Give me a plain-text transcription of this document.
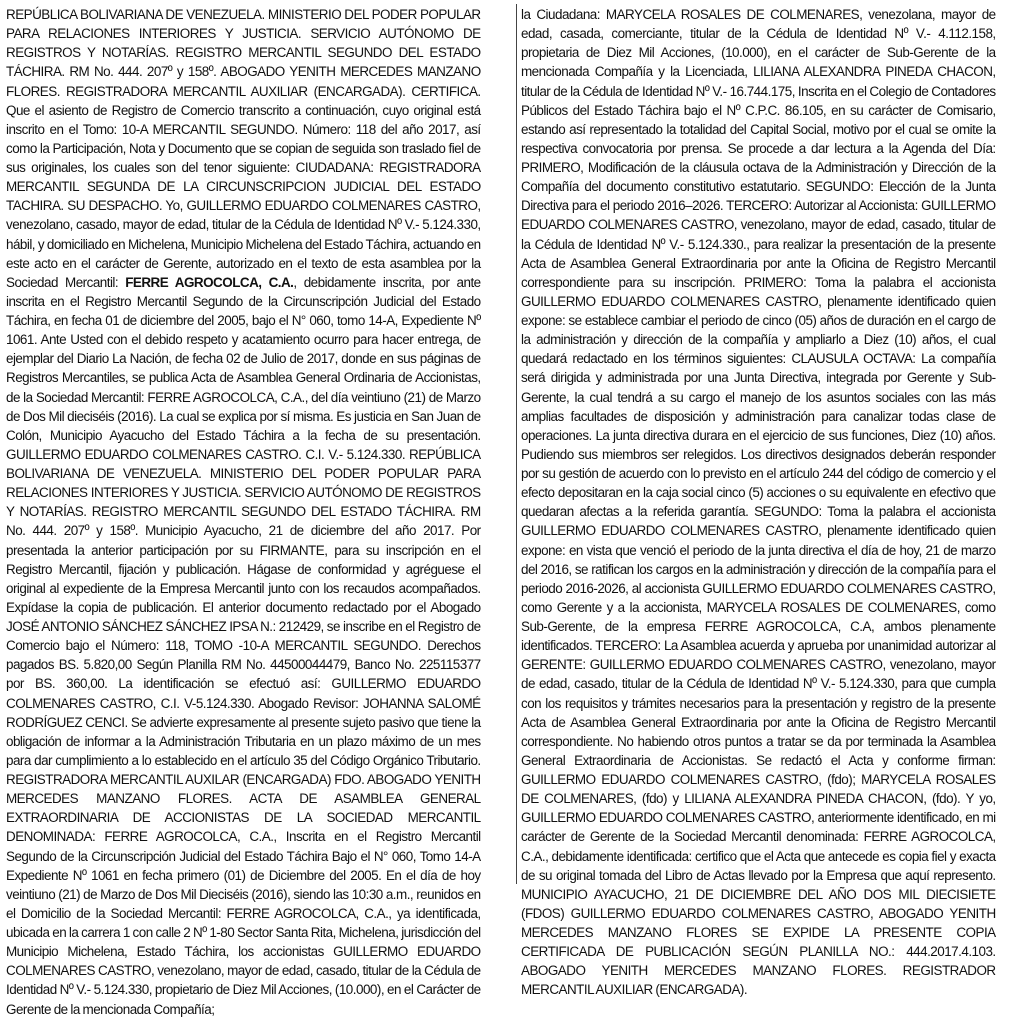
REPÚBLICA BOLIVARIANA DE VENEZUELA. MINISTERIO DEL PODER POPULAR PARA RELACIONES INTERIORES Y JUSTICIA. SERVICIO AUTÓNOMO DE REGISTROS Y NOTARÍAS. REGISTRO MERCANTIL SEGUNDO DEL ESTADO TÁCHIRA. RM No. 444. 207º y 158º. ABOGADO YENITH MERCEDES MANZANO FLORES. REGISTRADORA MERCANTIL AUXILIAR (ENCARGADA). CERTIFICA. Que el asiento de Registro de Comercio transcrito a continuación, cuyo original está inscrito en el Tomo: 10-A MERCANTIL SEGUNDO. Número: 118 del año 2017, así como la Participación, Nota y Documento que se copian de seguida son traslado fiel de sus originales, los cuales son del tenor siguiente: CIUDADANA: REGISTRADORA MERCANTIL SEGUNDA DE LA CIRCUNSCRIPCION JUDICIAL DEL ESTADO TACHIRA. SU DESPACHO. Yo, GUILLERMO EDUARDO COLMENARES CASTRO, venezolano, casado, mayor de edad, titular de la Cédula de Identidad Nº V.- 5.124.330, hábil, y domiciliado en Michelena, Municipio Michelena del Estado Táchira, actuando en este acto en el carácter de Gerente, autorizado en el texto de esta asamblea por la Sociedad Mercantil: FERRE AGROCOLCA, C.A., debidamente inscrita, por ante inscrita en el Registro Mercantil Segundo de la Circunscripción Judicial del Estado Táchira, en fecha 01 de diciembre del 2005, bajo el N° 060, tomo 14-A, Expediente Nº 1061. Ante Usted con el debido respeto y acatamiento ocurro para hacer entrega, de ejemplar del Diario La Nación, de fecha 02 de Julio de 2017, donde en sus páginas de Registros Mercantiles, se publica Acta de Asamblea General Ordinaria de Accionistas, de la Sociedad Mercantil: FERRE AGROCOLCA, C.A., del día veintiuno (21) de Marzo de Dos Mil dieciséis (2016). La cual se explica por sí misma. Es justicia en San Juan de Colón, Municipio Ayacucho del Estado Táchira a la fecha de su presentación. GUILLERMO EDUARDO COLMENARES CASTRO. C.I. V.- 5.124.330. REPÚBLICA BOLIVARIANA DE VENEZUELA. MINISTERIO DEL PODER POPULAR PARA RELACIONES INTERIORES Y JUSTICIA. SERVICIO AUTÓNOMO DE REGISTROS Y NOTARÍAS. REGISTRO MERCANTIL SEGUNDO DEL ESTADO TÁCHIRA. RM No. 444. 207º y 158º. Municipio Ayacucho, 21 de diciembre del año 2017. Por presentada la anterior participación por su FIRMANTE, para su inscripción en el Registro Mercantil, fijación y publicación. Hágase de conformidad y agréguese el original al expediente de la Empresa Mercantil junto con los recaudos acompañados. Expídase la copia de publicación. El anterior documento redactado por el Abogado JOSÉ ANTONIO SÁNCHEZ SÁNCHEZ IPSA N.: 212429, se inscribe en el Registro de Comercio bajo el Número: 118, TOMO -10-A MERCANTIL SEGUNDO. Derechos pagados BS. 5.820,00 Según Planilla RM No. 44500044479, Banco No. 225115377 por BS. 360,00. La identificación se efectuó así: GUILLERMO EDUARDO COLMENARES CASTRO, C.I. V-5.124.330. Abogado Revisor: JOHANNA SALOMÉ RODRÍGUEZ CENCI. Se advierte expresamente al presente sujeto pasivo que tiene la obligación de informar a la Administración Tributaria en un plazo máximo de un mes para dar cumplimiento a lo establecido en el artículo 35 del Código Orgánico Tributario. REGISTRADORA MERCANTIL AUXILAR (ENCARGADA) FDO. ABOGADO YENITH MERCEDES MANZANO FLORES. ACTA DE ASAMBLEA GENERAL EXTRAORDINARIA DE ACCIONISTAS DE LA SOCIEDAD MERCANTIL DENOMINADA: FERRE AGROCOLCA, C.A., Inscrita en el Registro Mercantil Segundo de la Circunscripción Judicial del Estado Táchira Bajo el N° 060, Tomo 14-A Expediente Nº 1061 en fecha primero (01) de Diciembre del 2005. En el día de hoy veintiuno (21) de Marzo de Dos Mil Dieciséis (2016), siendo las 10:30 a.m., reunidos en el Domicilio de la Sociedad Mercantil: FERRE AGROCOLCA, C.A., ya identificada, ubicada en la carrera 1 con calle 2 Nº 1-80 Sector Santa Rita, Michelena, jurisdicción del Municipio Michelena, Estado Táchira, los accionistas GUILLERMO EDUARDO COLMENARES CASTRO, venezolano, mayor de edad, casado, titular de la Cédula de Identidad Nº V.- 5.124.330, propietario de Diez Mil Acciones, (10.000), en el Carácter de Gerente de la mencionada Compañía;

la Ciudadana: MARYCELA ROSALES DE COLMENARES, venezolana, mayor de edad, casada, comerciante, titular de la Cédula de Identidad Nº V.- 4.112.158, propietaria de Diez Mil Acciones, (10.000), en el carácter de Sub-Gerente de la mencionada Compañía y la Licenciada, LILIANA ALEXANDRA PINEDA CHACON, titular de la Cédula de Identidad Nº V.- 16.744.175, Inscrita en el Colegio de Contadores Públicos del Estado Táchira bajo el Nº C.P.C. 86.105, en su carácter de Comisario, estando así representado la totalidad del Capital Social, motivo por el cual se omite la respectiva convocatoria por prensa. Se procede a dar lectura a la Agenda del Día: PRIMERO, Modificación de la cláusula octava de la Administración y Dirección de la Compañía del documento constitutivo estatutario. SEGUNDO: Elección de la Junta Directiva para el periodo 2016–2026. TERCERO: Autorizar al Accionista: GUILLERMO EDUARDO COLMENARES CASTRO, venezolano, mayor de edad, casado, titular de la Cédula de Identidad Nº V.- 5.124.330., para realizar la presentación de la presente Acta de Asamblea General Extraordinaria por ante la Oficina de Registro Mercantil correspondiente para su inscripción. PRIMERO: Toma la palabra el accionista GUILLERMO EDUARDO COLMENARES CASTRO, plenamente identificado quien expone: se establece cambiar el periodo de cinco (05) años de duración en el cargo de la administración y dirección de la compañía y ampliarlo a Diez (10) años, el cual quedará redactado en los términos siguientes: CLAUSULA OCTAVA: La compañía será dirigida y administrada por una Junta Directiva, integrada por Gerente y Sub-Gerente, la cual tendrá a su cargo el manejo de los asuntos sociales con las más amplias facultades de disposición y administración para canalizar todas clase de operaciones. La junta directiva durara en el ejercicio de sus funciones, Diez (10) años. Pudiendo sus miembros ser relegidos. Los directivos designados deberán responder por su gestión de acuerdo con lo previsto en el artículo 244 del código de comercio y el efecto depositaran en la caja social cinco (5) acciones o su equivalente en efectivo que quedaran afectas a la referida garantía. SEGUNDO: Toma la palabra el accionista GUILLERMO EDUARDO COLMENARES CASTRO, plenamente identificado quien expone: en vista que venció el periodo de la junta directiva el día de hoy, 21 de marzo del 2016, se ratifican los cargos en la administración y dirección de la compañía para el periodo 2016-2026, al accionista GUILLERMO EDUARDO COLMENARES CASTRO, como Gerente y a la accionista, MARYCELA ROSALES DE COLMENARES, como Sub-Gerente, de la empresa FERRE AGROCOLCA, C.A, ambos plenamente identificados. TERCERO: La Asamblea acuerda y aprueba por unanimidad autorizar al GERENTE: GUILLERMO EDUARDO COLMENARES CASTRO, venezolano, mayor de edad, casado, titular de la Cédula de Identidad Nº V.- 5.124.330, para que cumpla con los requisitos y trámites necesarios para la presentación y registro de la presente Acta de Asamblea General Extraordinaria por ante la Oficina de Registro Mercantil correspondiente. No habiendo otros puntos a tratar se da por terminada la Asamblea General Extraordinaria de Accionistas. Se redactó el Acta y conforme firman: GUILLERMO EDUARDO COLMENARES CASTRO, (fdo); MARYCELA ROSALES DE COLMENARES, (fdo) y LILIANA ALEXANDRA PINEDA CHACON, (fdo). Y yo, GUILLERMO EDUARDO COLMENARES CASTRO, anteriormente identificado, en mi carácter de Gerente de la Sociedad Mercantil denominada: FERRE AGROCOLCA, C.A., debidamente identificada: certifico que el Acta que antecede es copia fiel y exacta de su original tomada del Libro de Actas llevado por la Empresa que aquí represento. MUNICIPIO AYACUCHO, 21 DE DICIEMBRE DEL AÑO DOS MIL DIECISIETE (FDOS) GUILLERMO EDUARDO COLMENARES CASTRO, ABOGADO YENITH MERCEDES MANZANO FLORES SE EXPIDE LA PRESENTE COPIA CERTIFICADA DE PUBLICACIÓN SEGÚN PLANILLA NO.: 444.2017.4.103. ABOGADO YENITH MERCEDES MANZANO FLORES. REGISTRADOR MERCANTIL AUXILIAR (ENCARGADA).
